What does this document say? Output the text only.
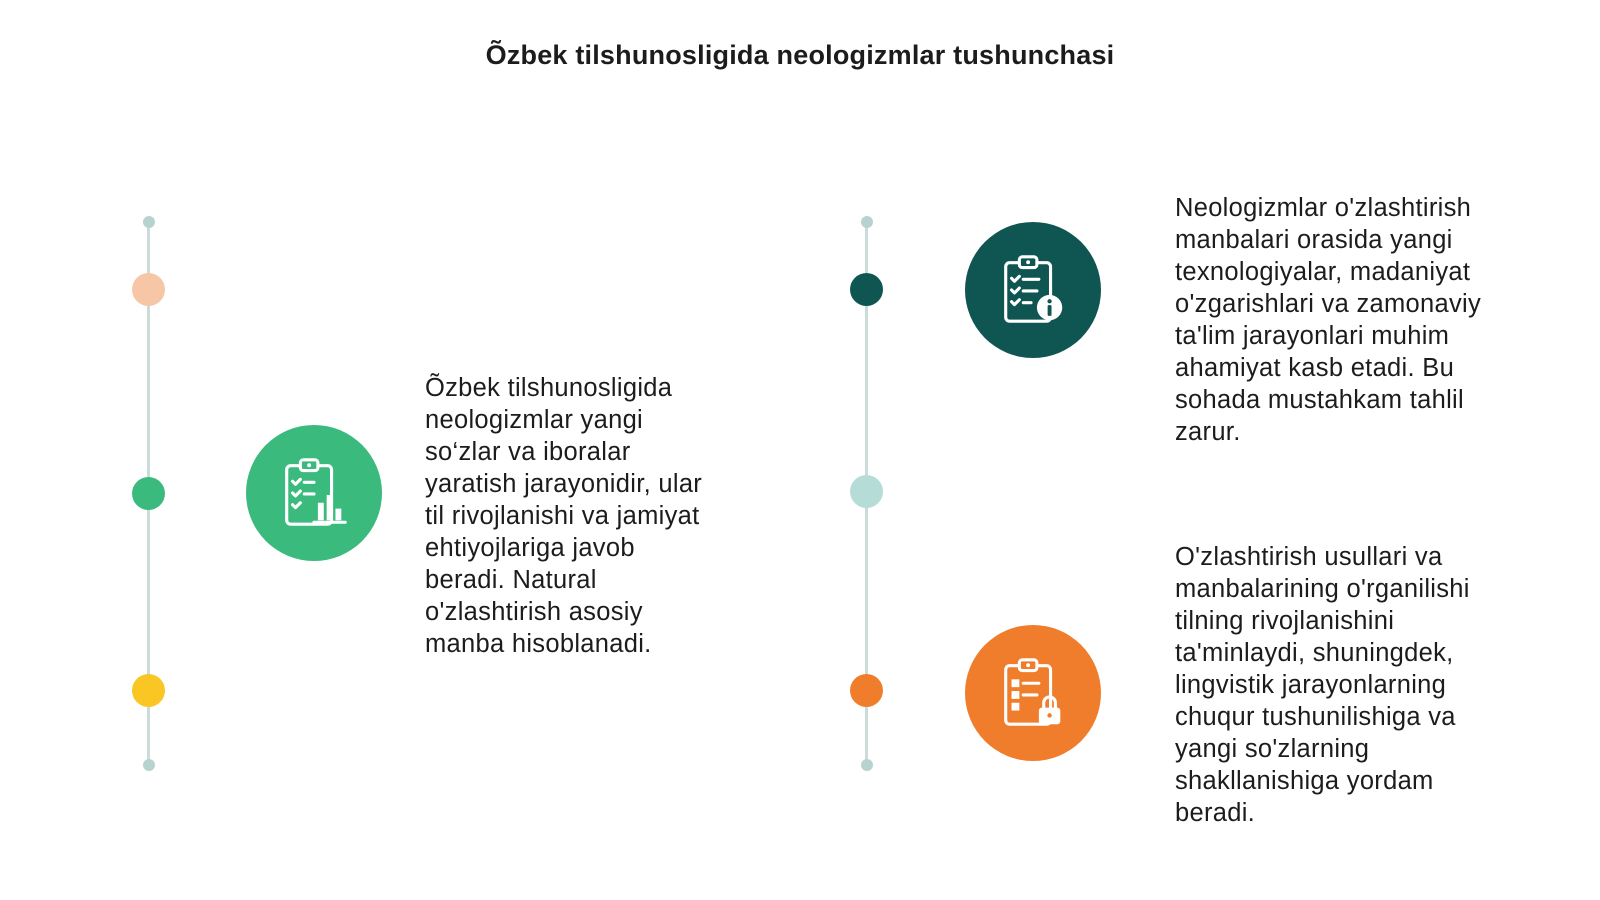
Õzbek tilshunosligida neologizmlar tushunchasi
Õzbek tilshunosligida
neologizmlar yangi
so‘zlar va iboralar
yaratish jarayonidir, ular
til rivojlanishi va jamiyat
ehtiyojlariga javob
beradi. Natural
o'zlashtirish asosiy
manba hisoblanadi.
Neologizmlar o'zlashtirish
manbalari orasida yangi
texnologiyalar, madaniyat
o'zgarishlari va zamonaviy
ta'lim jarayonlari muhim
ahamiyat kasb etadi. Bu
sohada mustahkam tahlil
zarur.
O'zlashtirish usullari va
manbalarining o'rganilishi
tilning rivojlanishini
ta'minlaydi, shuningdek,
lingvistik jarayonlarning
chuqur tushunilishiga va
yangi so'zlarning
shakllanishiga yordam
beradi.
